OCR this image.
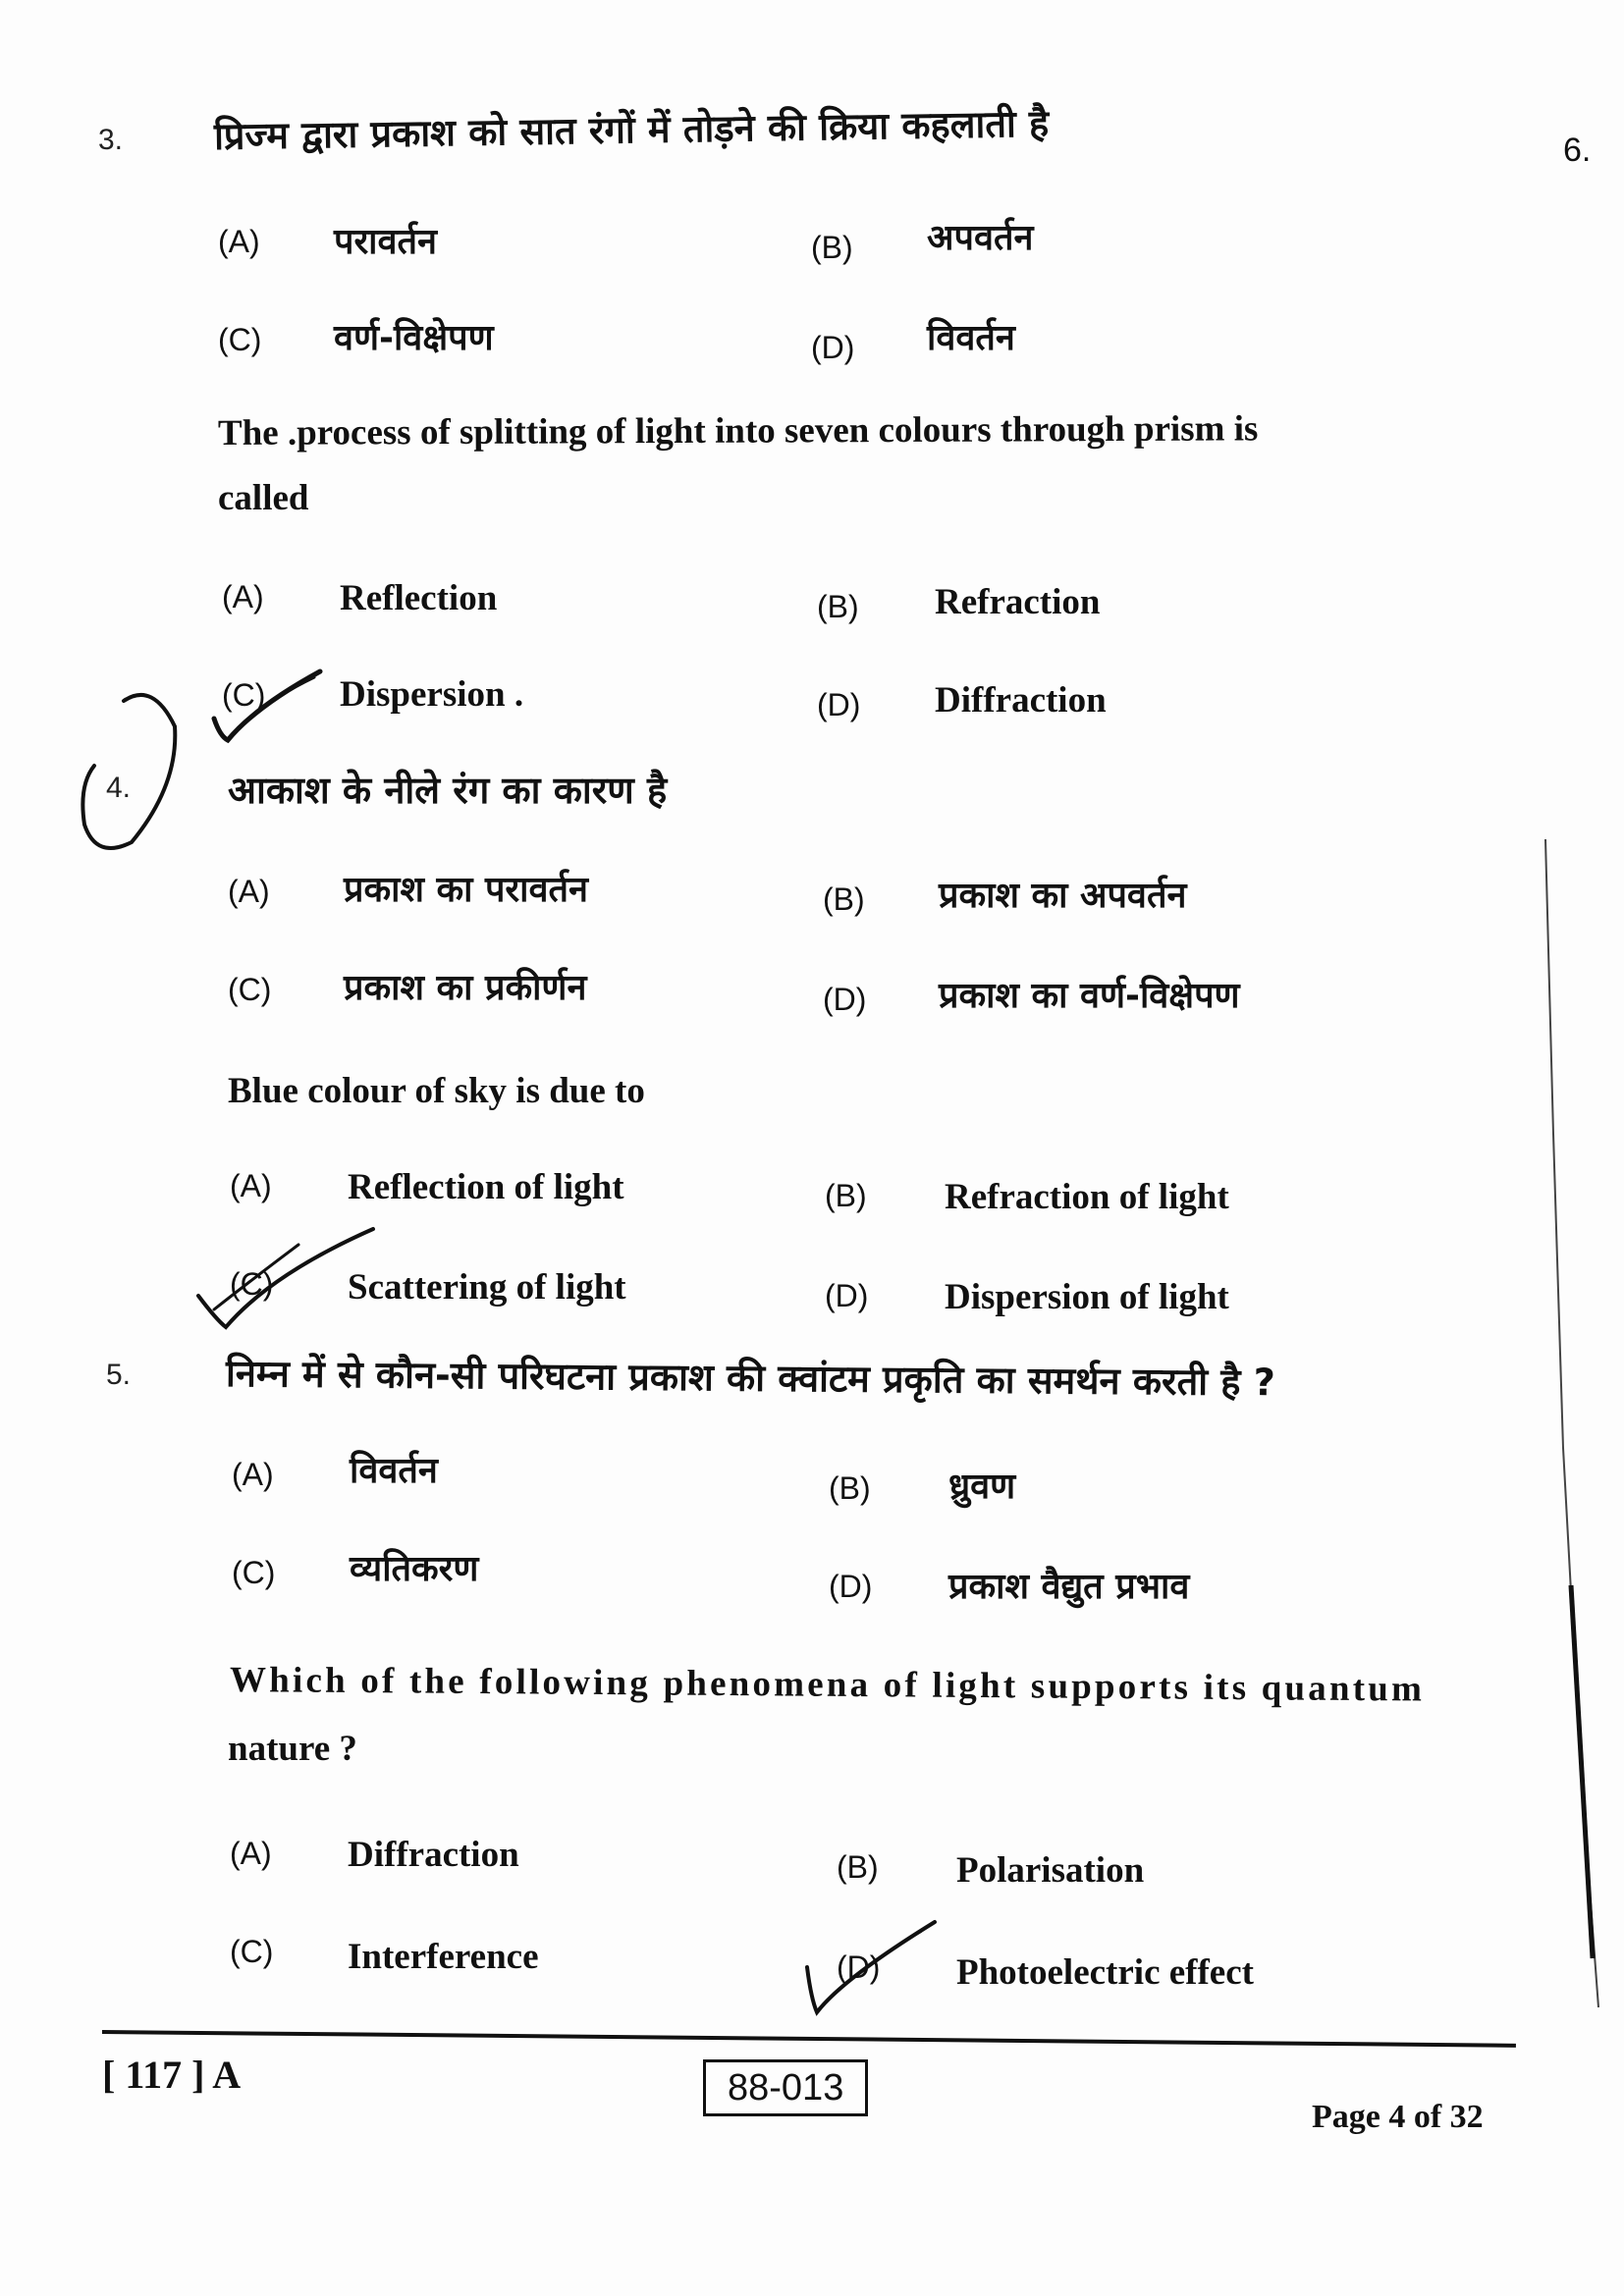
6.
3. प्रिज्म द्वारा प्रकाश को सात रंगों में तोड़ने की क्रिया कहलाती है
(A) परावर्तन	(B) अपवर्तन
(C) वर्ण-विक्षेपण	(D) विवर्तन
The .process of splitting of light into seven colours through prism is
called
(A) Reflection	(B) Refraction
(C) Dispersion .	(D) Diffraction
4.	आकाश के नीले रंग का कारण है
(A) प्रकाश का परावर्तन	(B) प्रकाश का अपवर्तन
(C) प्रकाश का प्रकीर्णन	(D) प्रकाश का वर्ण-विक्षेपण
Blue colour of sky is due to
(A) Reflection of light	(B) Refraction of light
(C) Scattering of light	(D) Dispersion of light
5.	निम्न में से कौन-सी परिघटना प्रकाश की क्वांटम प्रकृति का समर्थन करती है ?
(A) विवर्तन	(B) ध्रुवण
(C) व्यतिकरण	(D) प्रकाश वैद्युत प्रभाव
Which of the following phenomena of light supports its quantum
nature ?
(A) Diffraction	(B) Polarisation
(C) Interference	(D) Photoelectric effect
[ 117 ] A	88-013
Page 4 of 32
